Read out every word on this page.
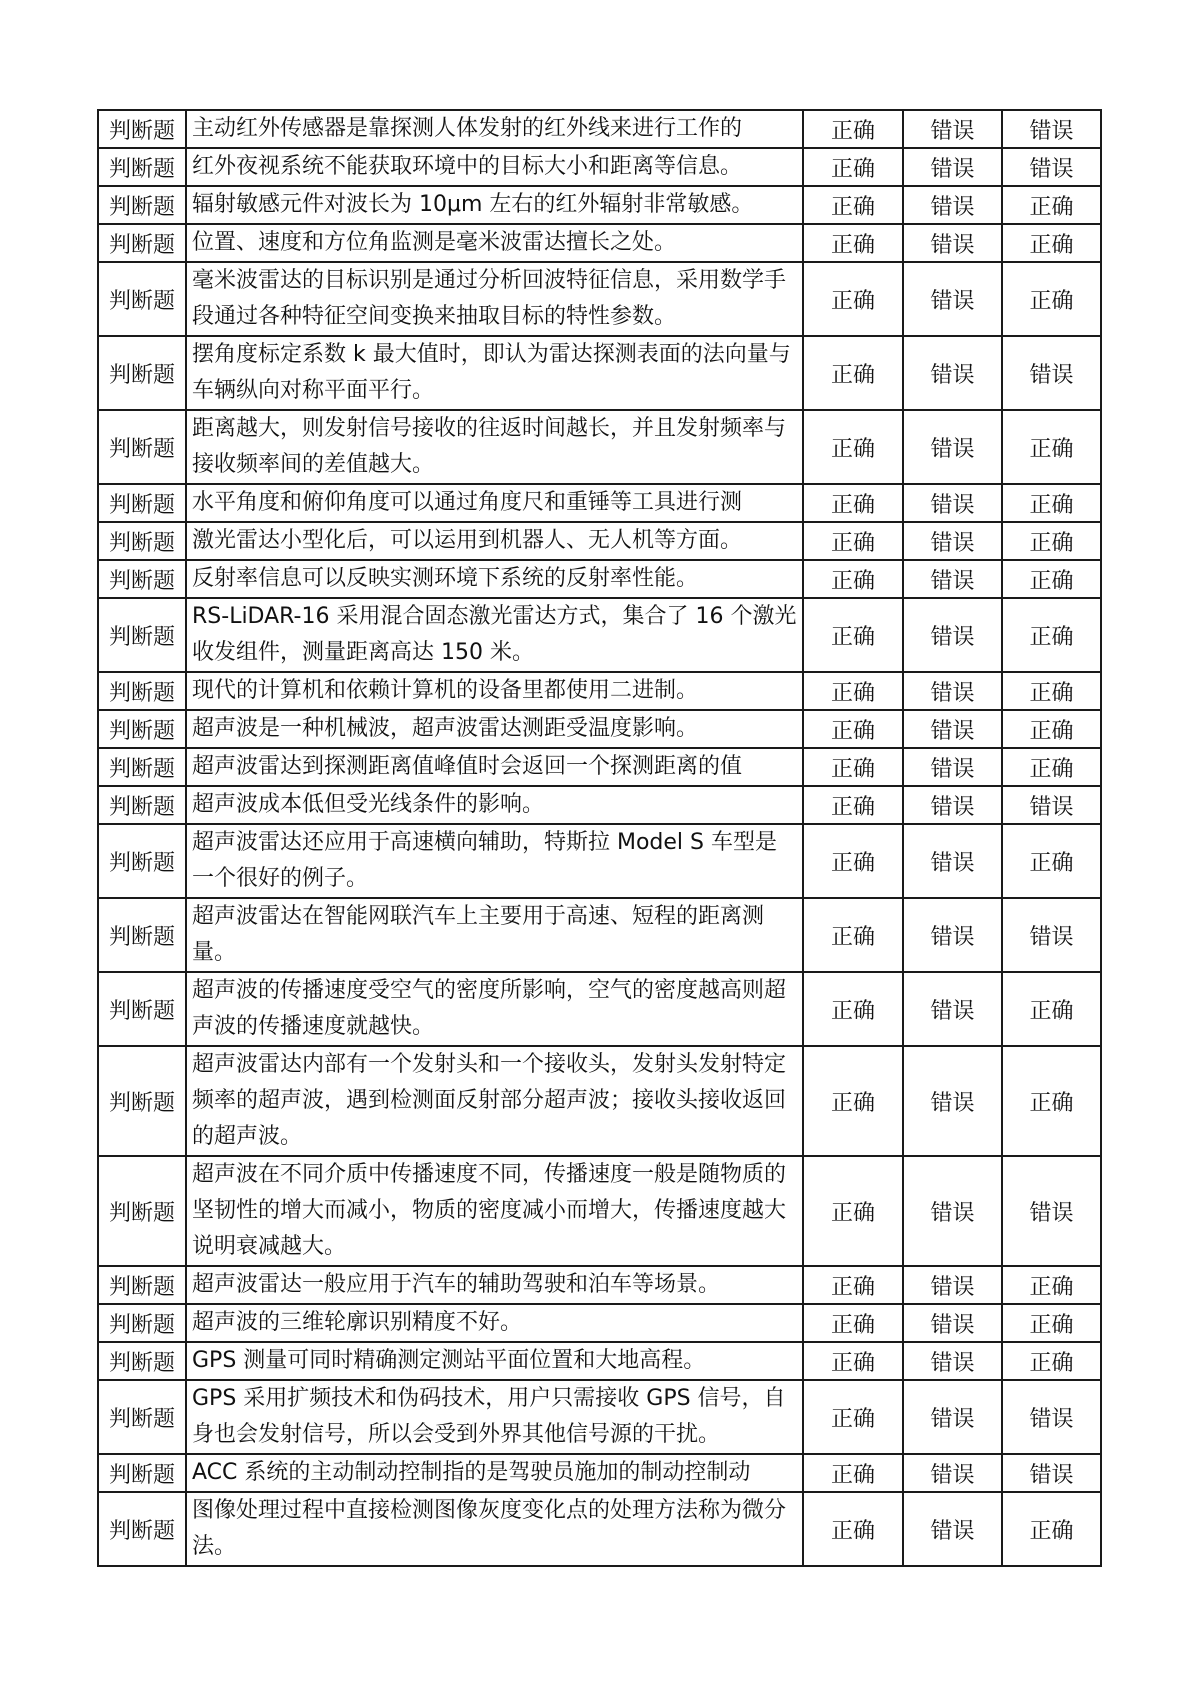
判断题	主动红外传感器是靠探测人体发射的红外线来进行工作的	正确	错误	错误
判断题	红外夜视系统不能获取环境中的目标大小和距离等信息。	正确	错误	错误
判断题	辐射敏感元件对波长为 10μm 左右的红外辐射非常敏感。	正确	错误	正确
判断题	位置、速度和方位角监测是毫米波雷达擅长之处。	正确	错误	正确
判断题	毫米波雷达的目标识别是通过分析回波特征信息，采用数学手段通过各种特征空间变换来抽取目标的特性参数。	正确	错误	正确
判断题	摆角度标定系数 k 最大值时，即认为雷达探测表面的法向量与车辆纵向对称平面平行。	正确	错误	错误
判断题	距离越大，则发射信号接收的往返时间越长，并且发射频率与接收频率间的差值越大。	正确	错误	正确
判断题	水平角度和俯仰角度可以通过角度尺和重锤等工具进行测	正确	错误	正确
判断题	激光雷达小型化后，可以运用到机器人、无人机等方面。	正确	错误	正确
判断题	反射率信息可以反映实测环境下系统的反射率性能。	正确	错误	正确
判断题	RS-LiDAR-16 采用混合固态激光雷达方式，集合了 16 个激光收发组件，测量距离高达 150 米。	正确	错误	正确
判断题	现代的计算机和依赖计算机的设备里都使用二进制。	正确	错误	正确
判断题	超声波是一种机械波，超声波雷达测距受温度影响。	正确	错误	正确
判断题	超声波雷达到探测距离值峰值时会返回一个探测距离的值	正确	错误	正确
判断题	超声波成本低但受光线条件的影响。	正确	错误	错误
判断题	超声波雷达还应用于高速横向辅助，特斯拉 Model S 车型是一个很好的例子。	正确	错误	正确
判断题	超声波雷达在智能网联汽车上主要用于高速、短程的距离测量。	正确	错误	错误
判断题	超声波的传播速度受空气的密度所影响，空气的密度越高则超声波的传播速度就越快。	正确	错误	正确
判断题	超声波雷达内部有一个发射头和一个接收头，发射头发射特定频率的超声波，遇到检测面反射部分超声波；接收头接收返回的超声波。	正确	错误	正确
判断题	超声波在不同介质中传播速度不同，传播速度一般是随物质的坚韧性的增大而减小，物质的密度减小而增大，传播速度越大说明衰减越大。	正确	错误	错误
判断题	超声波雷达一般应用于汽车的辅助驾驶和泊车等场景。	正确	错误	正确
判断题	超声波的三维轮廓识别精度不好。	正确	错误	正确
判断题	GPS 测量可同时精确测定测站平面位置和大地高程。	正确	错误	正确
判断题	GPS 采用扩频技术和伪码技术，用户只需接收 GPS 信号，自身也会发射信号，所以会受到外界其他信号源的干扰。	正确	错误	错误
判断题	ACC 系统的主动制动控制指的是驾驶员施加的制动控制动	正确	错误	错误
判断题	图像处理过程中直接检测图像灰度变化点的处理方法称为微分法。	正确	错误	正确
